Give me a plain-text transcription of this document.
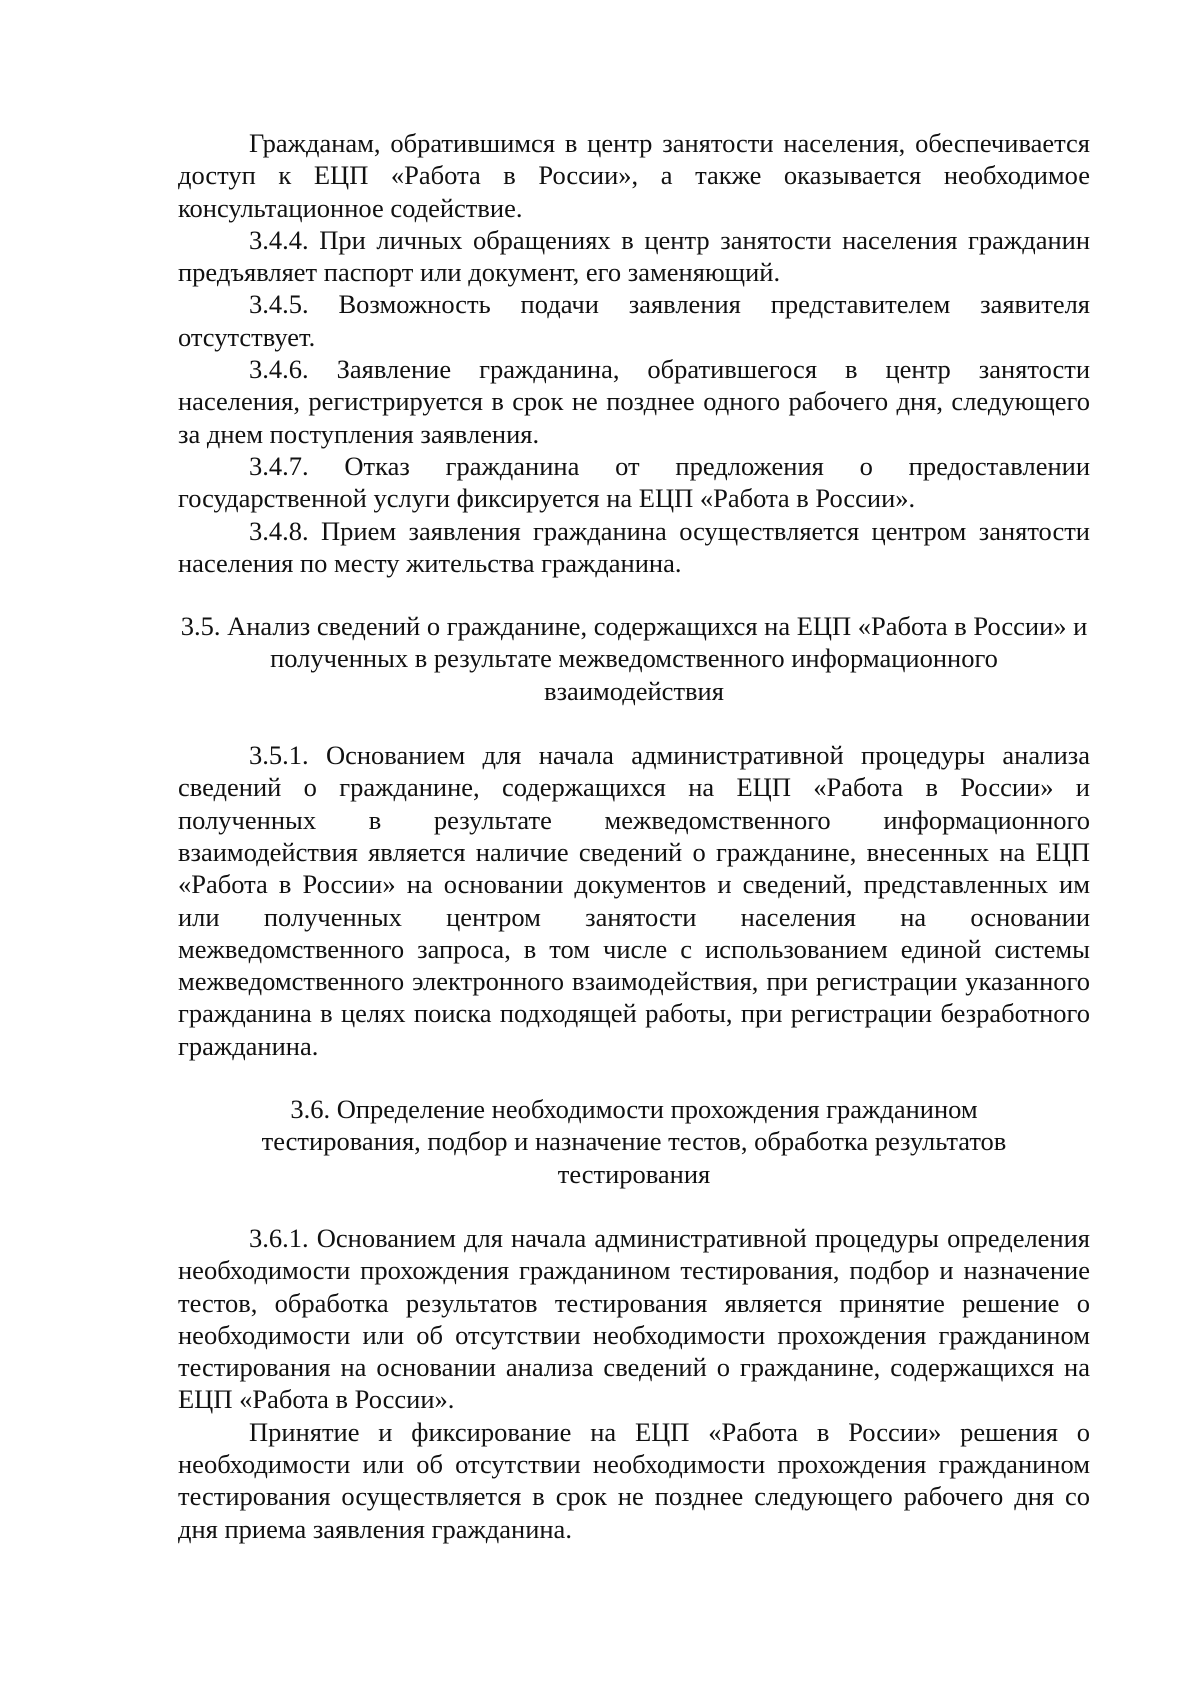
Гражданам, обратившимся в центр занятости населения, обеспечивается доступ к ЕЦП «Работа в России», а также оказывается необходимое консультационное содействие.

3.4.4. При личных обращениях в центр занятости населения гражданин предъявляет паспорт или документ, его заменяющий.

3.4.5. Возможность подачи заявления представителем заявителя отсутствует.

3.4.6. Заявление гражданина, обратившегося в центр занятости населения, регистрируется в срок не позднее одного рабочего дня, следующего за днем поступления заявления.

3.4.7. Отказ гражданина от предложения о предоставлении государственной услуги фиксируется на ЕЦП «Работа в России».

3.4.8. Прием заявления гражданина осуществляется центром занятости населения по месту жительства гражданина.

3.5. Анализ сведений о гражданине, содержащихся на ЕЦП «Работа в России» и полученных в результате межведомственного информационного взаимодействия

3.5.1. Основанием для начала административной процедуры анализа сведений о гражданине, содержащихся на ЕЦП «Работа в России» и полученных в результате межведомственного информационного взаимодействия является наличие сведений о гражданине, внесенных на ЕЦП «Работа в России» на основании документов и сведений, представленных им или полученных центром занятости населения на основании межведомственного запроса, в том числе с использованием единой системы межведомственного электронного взаимодействия, при регистрации указанного гражданина в целях поиска подходящей работы, при регистрации безработного гражданина.

3.6. Определение необходимости прохождения гражданином тестирования, подбор и назначение тестов, обработка результатов тестирования

3.6.1. Основанием для начала административной процедуры определения необходимости прохождения гражданином тестирования, подбор и назначение тестов, обработка результатов тестирования является принятие решение о необходимости или об отсутствии необходимости прохождения гражданином тестирования на основании анализа сведений о гражданине, содержащихся на ЕЦП «Работа в России».

Принятие и фиксирование на ЕЦП «Работа в России» решения о необходимости или об отсутствии необходимости прохождения гражданином тестирования осуществляется в срок не позднее следующего рабочего дня со дня приема заявления гражданина.
